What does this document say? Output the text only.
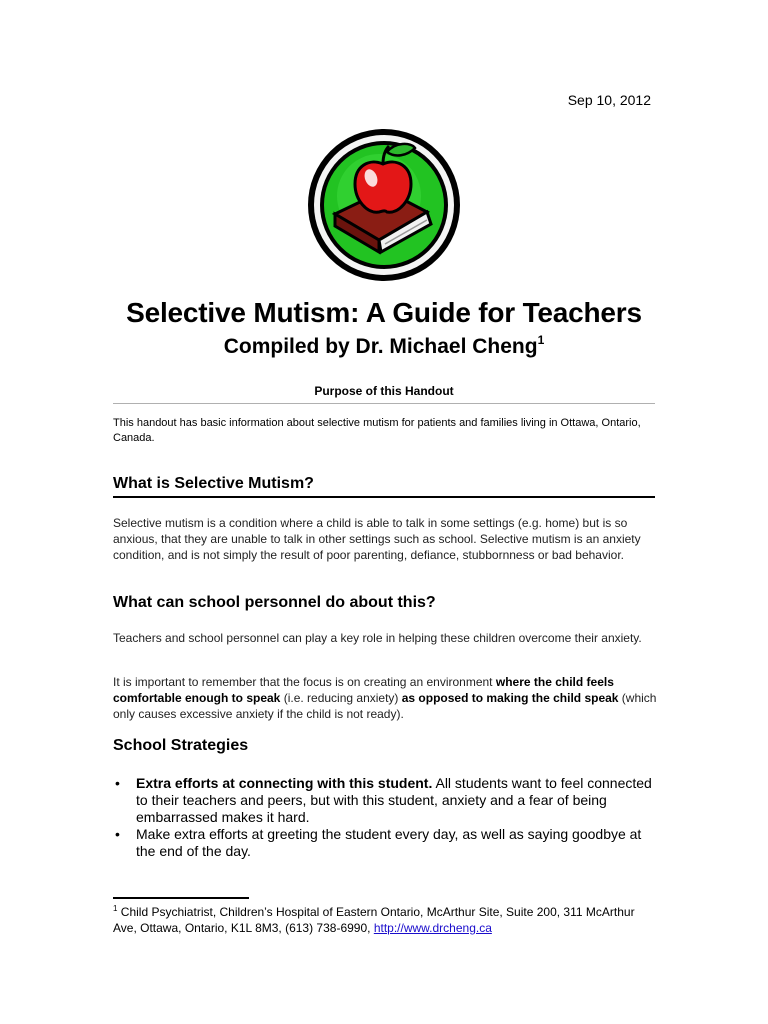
Sep 10, 2012
Selective Mutism: A Guide for Teachers
Compiled by Dr. Michael Cheng$^1$
Purpose of this Handout
This handout has basic information about selective mutism for patients and families living in Ottawa, Ontario, Canada.
What is Selective Mutism?
Selective mutism is a condition where a child is able to talk in some settings (e.g. home) but is so anxious, that they are unable to talk in other settings such as school. Selective mutism is an anxiety condition, and is not simply the result of poor parenting, defiance, stubbornness or bad behavior.
What can school personnel do about this?
Teachers and school personnel can play a key role in helping these children overcome their anxiety.
It is important to remember that the focus is on creating an environment where the child feels comfortable enough to speak (i.e. reducing anxiety) as opposed to making the child speak (which only causes excessive anxiety if the child is not ready).
School Strategies
• Extra efforts at connecting with this student. All students want to feel connected to their teachers and peers, but with this student, anxiety and a fear of being embarrassed makes it hard.
• Make extra efforts at greeting the student every day, as well as saying goodbye at the end of the day.
$^1$ Child Psychiatrist, Children’s Hospital of Eastern Ontario, McArthur Site, Suite 200, 311 McArthur Ave, Ottawa, Ontario, K1L 8M3, (613) 738-6990, http://www.drcheng.ca
